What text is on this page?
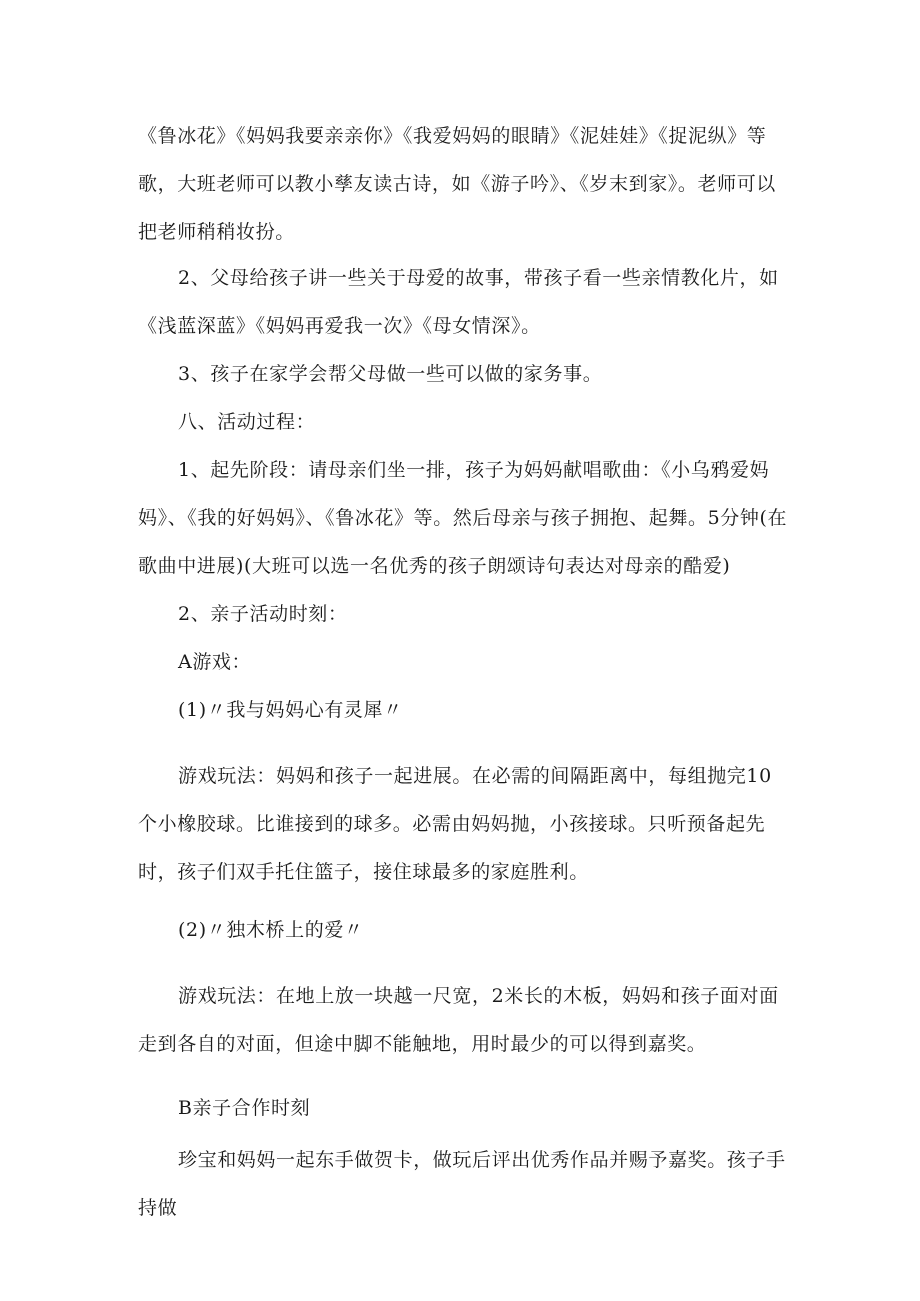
《鲁冰花》《妈妈我要亲亲你》《我爱妈妈的眼睛》《泥娃娃》《捉泥纵》等歌，大班老师可以教小孳友读古诗，如《游子吟》、《岁末到家》。老师可以把老师稍稍妆扮。

2、父母给孩子讲一些关于母爱的故事，带孩子看一些亲情教化片，如《浅蓝深蓝》《妈妈再爱我一次》《母女情深》。

3、孩子在家学会帮父母做一些可以做的家务事。

八、活动过程：

1、起先阶段：请母亲们坐一排，孩子为妈妈献唱歌曲：《小乌鸦爱妈妈》、《我的好妈妈》、《鲁冰花》等。然后母亲与孩子拥抱、起舞。5分钟(在歌曲中进展)(大班可以选一名优秀的孩子朗颂诗句表达对母亲的酷爱)

2、亲子活动时刻：

A游戏：

(1)〃我与妈妈心有灵犀〃

游戏玩法：妈妈和孩子一起进展。在必需的间隔距离中，每组抛完10个小橡胶球。比谁接到的球多。必需由妈妈抛，小孩接球。只听预备起先时，孩子们双手托住篮子，接住球最多的家庭胜利。

(2)〃独木桥上的爱〃

游戏玩法：在地上放一块越一尺宽，2米长的木板，妈妈和孩子面对面走到各自的对面，但途中脚不能触地，用时最少的可以得到嘉奖。

B亲子合作时刻

珍宝和妈妈一起东手做贺卡，做玩后评出优秀作品并赐予嘉奖。孩子手持做
